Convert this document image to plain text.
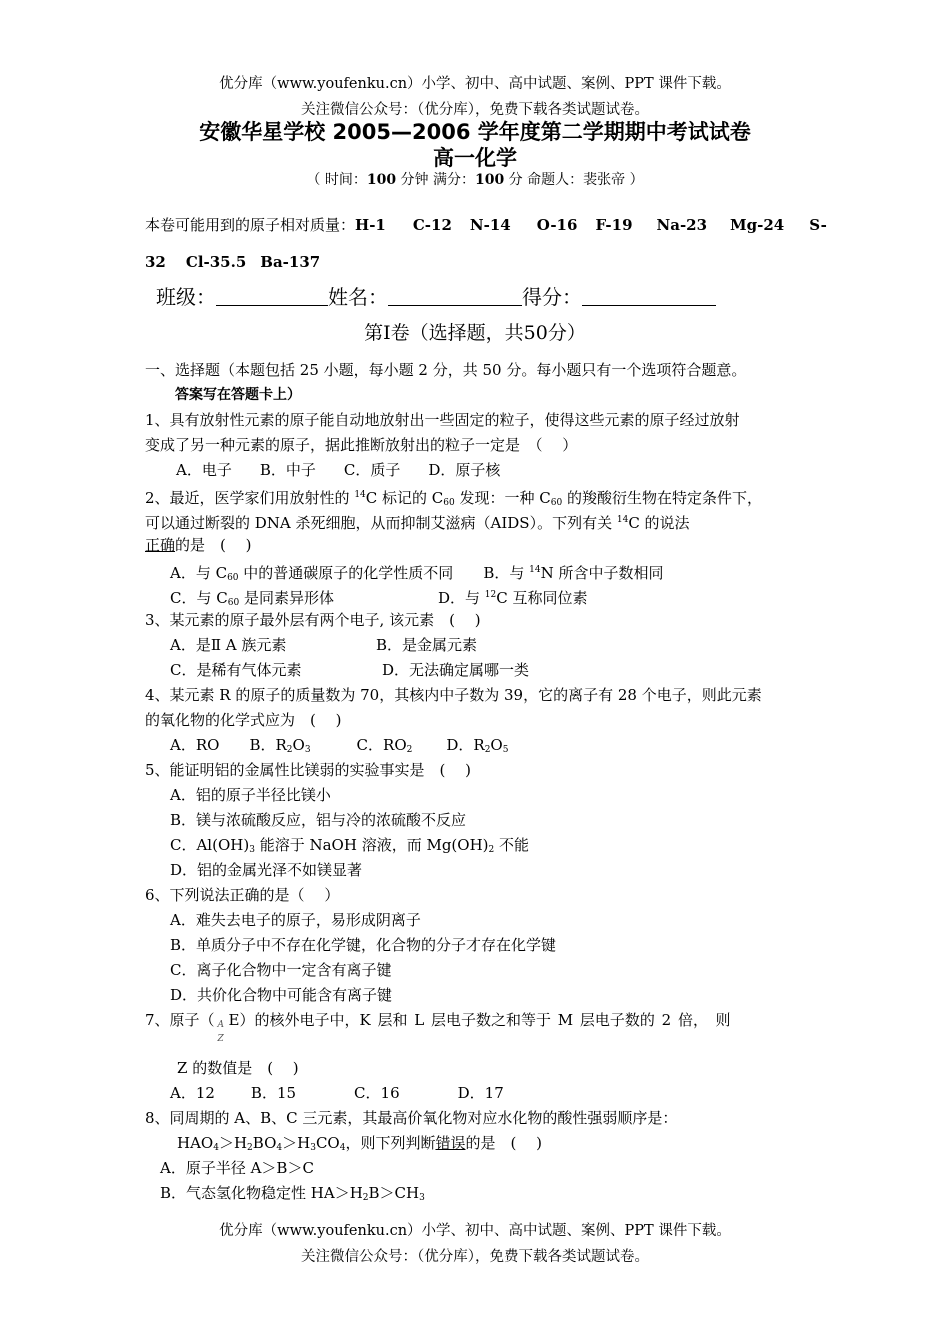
优分库（www.youfenku.cn）小学、初中、高中试题、案例、PPT 课件下载。
关注微信公众号：（优分库），免费下载各类试题试卷。
安徽华星学校 2005—2006 学年度第二学期期中考试试卷
高一化学
（ 时间：100 分钟 满分：100 分 命题人：裴张帝 ）
本卷可能用到的原子相对质量：H-1 C-12 N-14 O-16 F-19 Na-23 Mg-24 S-
32 Cl-35.5 Ba-137
班级：	姓名：	得分：
第Ⅰ卷（选择题，共50分）
一、选择题（本题包括 25 小题，每小题 2 分，共 50 分。每小题只有一个选项符合题意。
答案写在答题卡上）
1、具有放射性元素的原子能自动地放射出一些固定的粒子，使得这些元素的原子经过放射
变成了另一种元素的原子，据此推断放射出的粒子一定是　（　 ）
A．电子 B．中子 C．质子 D．原子核
2、最近，医学家们用放射性的 $^{14}$C 标记的 $C_{60}$ 发现：一种 $C_{60}$ 的羧酸衍生物在特定条件下，
可以通过断裂的 DNA 杀死细胞，从而抑制艾滋病（AIDS）。下列有关 $^{14}$C 的说法
正确的是　(　 )
A．与 $C_{60}$ 中的普通碳原子的化学性质不同 B．与 $^{14}$N 所含中子数相同
C．与 $C_{60}$ 是同素异形体	D．与 $^{12}$C 互称同位素
3、某元素的原子最外层有两个电子, 该元素　(　 )
A．是Ⅱ A 族元素	B．是金属元素
C．是稀有气体元素	D．无法确定属哪一类
4、某元素 R 的原子的质量数为 70，其核内中子数为 39，它的离子有 28 个电子，则此元素
的氧化物的化学式应为　(　 )
A．RO B．$R_2O_3$	C．$RO_2$ D．$R_2O_5$
5、能证明铝的金属性比镁弱的实验事实是　(　 )
A．铝的原子半径比镁小
B．镁与浓硫酸反应，铝与冷的浓硫酸不反应
C．$Al(OH)_3$ 能溶于 NaOH 溶液，而 $Mg(OH)_2$ 不能
D．铝的金属光泽不如镁显著
6、下列说法正确的是（　 ）
A．难失去电子的原子，易形成阴离子
B．单质分子中不存在化学键，化合物的分子才存在化学键
C．离子化合物中一定含有离子键
D．共价化合物中可能含有离子键
7、原子（ A
Z
E）的核外电子中，K 层和 L 层电子数之和等于 M 层电子数的 2 倍，　则
Z 的数值是　(　 )
A．12 B．15	C．16	D．17
8、同周期的 A、B、C 三元素，其最高价氧化物对应水化物的酸性强弱顺序是：
$HAO_4>H_2BO_4>H_3CO_4$，则下列判断错误的是　(　 )
A．原子半径 A＞B＞C
B．气态氢化物稳定性 $HA>H_2B>CH_3$
优分库（www.youfenku.cn）小学、初中、高中试题、案例、PPT 课件下载。
关注微信公众号：（优分库），免费下载各类试题试卷。
